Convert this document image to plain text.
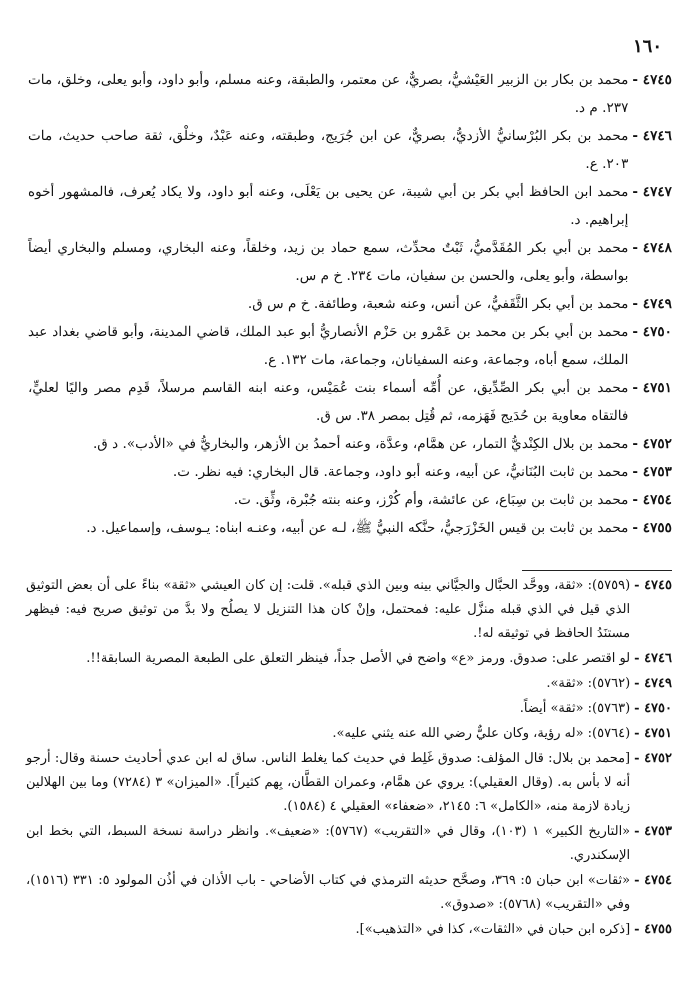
١٦٠

٤٧٤٥ -
محمد بن بكار بن الزبير العَيْشيُّ، بصريٌّ، عن معتمر، والطبقة، وعنه مسلم، وأبو داود، وأبو يعلى، وخلق، مات ٢٣٧. م د.

٤٧٤٦ -
محمد بن بكر البُرْسانيُّ الأزديُّ، بصريٌّ، عن ابن جُرَيج، وطبقته، وعنه عَبْدٌ، وخلْق، ثقة صاحب حديث، مات ٢٠٣. ع.

٤٧٤٧ -
محمد ابن الحافظ أبي بكر بن أبي شيبة، عن يحيى بن يَعْلَى، وعنه أبو داود، ولا يكاد يُعرف، فالمشهور أخوه إبراهيم. د.

٤٧٤٨ -
محمد بن أبي بكر المُقَدَّميُّ، ثَبْتٌ محدِّث، سمع حماد بن زيد، وخلقاً، وعنه البخاري، ومسلم والبخاري أيضاً بواسطة، وأبو يعلى، والحسن بن سفيان، مات ٢٣٤. خ م س.

٤٧٤٩ -
محمد بن أبي بكر الثَّقَفيُّ، عن أنس، وعنه شعبة، وطائفة. خ م س ق.

٤٧٥٠ -
محمد بن أبي بكر بن محمد بن عَمْرو بن حَزْم الأنصاريُّ أبو عبد الملك، قاضي المدينة، وأبو قاضي بغداد عبد الملك، سمع أباه، وجماعة، وعنه السفيانان، وجماعة، مات ١٣٢. ع.

٤٧٥١ -
محمد بن أبي بكر الصِّدِّيق، عن أُمِّه أسماء بنت عُمَيْس، وعنه ابنه القاسم مرسلاً، قَدِم مصر واليًا لعليٍّ، فالتقاه معاوية بن حُدَيج فَهَزمه، ثم قُتِل بمصر ٣٨. س ق.

٤٧٥٢ -
محمد بن بلال الكِنْديُّ التمار، عن همَّام، وعدَّة، وعنه أحمدُ بن الأزهر، والبخاريُّ في «الأدب». د ق.

٤٧٥٣ -
محمد بن ثابت البُنَانيُّ، عن أبيه، وعنه أبو داود، وجماعة. قال البخاري: فيه نظر. ت.

٤٧٥٤ -
محمد بن ثابت بن سِبَاع، عن عائشة، وأم كُرْز، وعنه بنته جُبْرة، وثِّق. ت.

٤٧٥٥ -
محمد بن ثابت بن قيس الخَزْرَجيُّ، حنَّكه النبيُّ ﷺ، لـه عن أبيه، وعنـه ابناه: يـوسف، وإسماعيل. د.

٤٧٤٥ -
(٥٧٥٩): «ثقة، ووحَّد الحبَّال والجيَّاني بينه وبين الذي قبله». قلت: إن كان العيشي «ثقة» بناءً على أن بعض التوثيق الذي قيل في الذي قبله منزَّل عليه: فمحتمل، وإنْ كان هذا التنزيل لا يصلُح ولا بدَّ من توثيق صريح فيه: فيظهر مستنَدُ الحافظ في توثيقه له!.

٤٧٤٦ -
لو اقتصر على: صدوق. ورمز «ع» واضح في الأصل جداً، فينظر التعلق على الطبعة المصرية السابقة!!.

٤٧٤٩ -
(٥٧٦٢): «ثقة».

٤٧٥٠ -
(٥٧٦٣): «ثقة» أيضاً.

٤٧٥١ -
(٥٧٦٤): «له رؤية، وكان عليٌّ رضي الله عنه يثني عليه».

٤٧٥٢ -
[محمد بن بلال: قال المؤلف: صدوق غَلِط في حديث كما يغلط الناس. ساق له ابن عدي أحاديث حسنة وقال: أرجو أنه لا بأس به. (وقال العقيلي): يروي عن همَّام، وعمران القطَّان، بِهم كثيراً]. «الميزان» ٣ (٧٢٨٤) وما بين الهلالين زيادة لازمة منه، «الكامل» ٦: ٢١٤٥، «ضعفاء» العقيلي ٤ (١٥٨٤).

٤٧٥٣ -
«التاريخ الكبير» ١ (١٠٣)، وقال في «التقريب» (٥٧٦٧): «ضعيف». وانظر دراسة نسخة السبط، التي بخط ابن الإسكندري.

٤٧٥٤ -
«ثقات» ابن حبان ٥: ٣٦٩، وصحَّح حديثه الترمذي في كتاب الأضاحي - باب الأذان في أذُن المولود ٥: ٣٣١ (١٥١٦)، وفي «التقريب» (٥٧٦٨): «صدوق».

٤٧٥٥ -
[ذكره ابن حبان في «الثقات»، كذا في «التذهيب»].
